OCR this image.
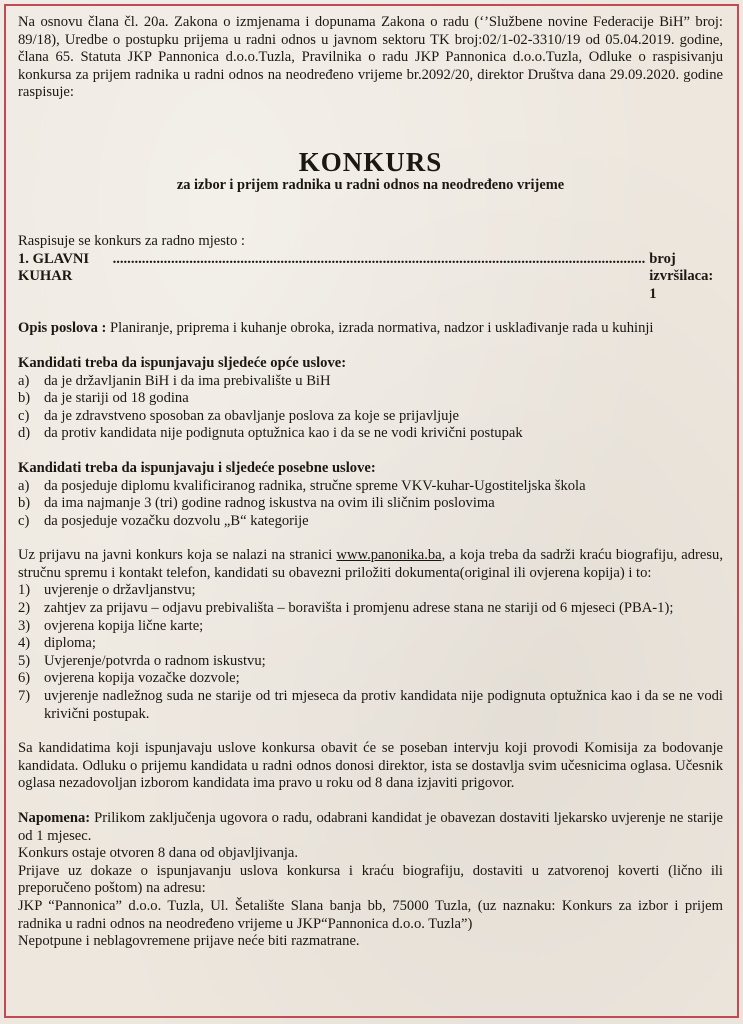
Na osnovu člana čl. 20a. Zakona o izmjenama i dopunama Zakona o radu (‘’Službene novine Federacije BiH” broj: 89/18), Uredbe o postupku prijema u radni odnos u javnom sektoru TK broj:02/1-02-3310/19 od 05.04.2019. godine, člana 65. Statuta JKP Pannonica d.o.o.Tuzla, Pravilnika o radu JKP Pannonica d.o.o.Tuzla, Odluke o raspisivanju konkursa za prijem radnika u radni odnos na neodređeno vrijeme br.2092/20, direktor Društva dana 29.09.2020. godine raspisuje:

KONKURS

za izbor i prijem radnika u radni odnos na neodređeno vrijeme

Raspisuje se konkurs za radno mjesto :

1. GLAVNI KUHAR
.................................................................................................................................................. broj izvršilaca: 1

Opis poslova : Planiranje, priprema i kuhanje obroka, izrada normativa, nadzor i usklađivanje rada u kuhinji

Kandidati treba da ispunjavaju sljedeće opće uslove:

a)	da je državljanin BiH i da ima prebivalište u BiH
b) da je stariji od 18 godina
c)	da je zdravstveno sposoban za obavljanje poslova za koje se prijavljuje
d) da protiv kandidata nije podignuta optužnica kao i da se ne vodi krivični postupak

Kandidati treba da ispunjavaju i sljedeće posebne uslove:

a)	da posjeduje diplomu kvalificiranog radnika, stručne spreme VKV-kuhar-Ugostiteljska škola
b) da ima najmanje 3 (tri) godine radnog iskustva na ovim ili sličnim poslovima
c)	da posjeduje vozačku dozvolu „B“ kategorije

Uz prijavu na javni konkurs koja se nalazi na stranici www.panonika.ba, a koja treba da sadrži kraću biografiju, adresu, stručnu spremu i kontakt telefon, kandidati su obavezni priložiti dokumenta(original ili ovjerena kopija) i to:

1) uvjerenje o državljanstvu;
2) zahtjev za prijavu – odjavu prebivališta – boravišta i promjenu adrese stana ne stariji od 6 mjeseci (PBA-1);
3) ovjerena kopija lične karte;
4) diploma;
5) Uvjerenje/potvrda o radnom iskustvu;
6) ovjerena kopija vozačke dozvole;
7) uvjerenje nadležnog suda ne starije od tri mjeseca da protiv kandidata nije podignuta optužnica kao i da se ne vodi krivični postupak.

Sa kandidatima koji ispunjavaju uslove konkursa obavit će se poseban intervju koji provodi Komisija za bodovanje kandidata. Odluku o prijemu kandidata u radni odnos donosi direktor, ista se dostavlja svim učesnicima oglasa. Učesnik oglasa nezadovoljan izborom kandidata ima pravo u roku od 8 dana izjaviti prigovor.

Napomena: Prilikom zaključenja ugovora o radu, odabrani kandidat je obavezan dostaviti ljekarsko uvjerenje ne starije od 1 mjesec.

Konkurs ostaje otvoren 8 dana od objavljivanja.

Prijave uz dokaze o ispunjavanju uslova konkursa i kraću biografiju, dostaviti u zatvorenoj koverti (lično ili preporučeno poštom) na adresu:

JKP “Pannonica” d.o.o. Tuzla, Ul. Šetalište Slana banja bb, 75000 Tuzla, (uz naznaku: Konkurs za izbor i prijem radnika u radni odnos na neodređeno vrijeme u JKP“Pannonica d.o.o. Tuzla”)

Nepotpune i neblagovremene prijave neće biti razmatrane.
